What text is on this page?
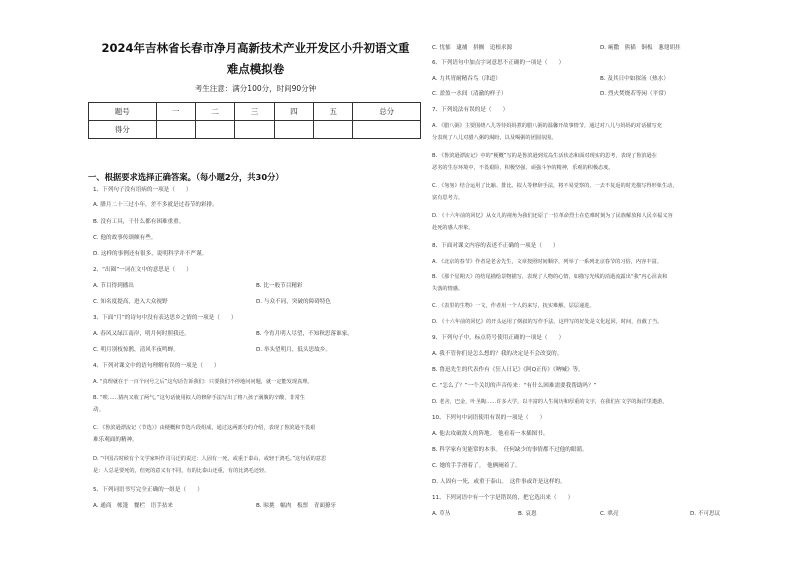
2024年吉林省长春市净月高新技术产业开发区小升初语文重
难点模拟卷
考生注意：满分100分，时间90分钟
题号	一	二	三	四	五	总分
得分						
一、根据要求选择正确答案。（每小题2分，共30分）
1、下列句子没有语病的一项是（　　）
A. 腊月二十三过小年，差不多就是过春节的彩排。
B. 没有工具，干什么都有困难重重。
C. 他的故事传颂颇有些。
D. 这样的事例还有很多，说明科学并不严谨。
2、“出圈”一词在文中的意思是（　　）
A. 节目得到播出	B. 比一般节目精彩
C. 知名度提高，进入大众视野	D. 与众不同，突破的障碍特色
3、下面“月”的诗句中没有表达思乡之情的一项是（　　）
A. 春风又绿江南岸，明月何时照我还。	B. 今宵月明人尽望，不知秋思落谁家。
C. 明月别枝惊鹊，清风半夜鸣蝉。	D. 举头望明月，低头思故乡。
4、下列对课文中的语句理解有误的一项是（　　）
A. “真理就在于一百个问号之后”这句话告诉我们：只要我们不停地问问题，就一定能发现真理。
B. “唉……猜内又收了两气。”这句话使用拟人的修辞手法写出了格八孩子满腹的辛酸，非常生
动。
C. 《鲁滨逊漂流记（节选）》由梗概和节选片段组成，通过这两部分的介绍，表现了鲁滨逊不畏艰
难乐观面的精神。
D. “中国古时候有个文学家叫作司马迁的说过：人固有一死，或重于泰山，或轻于鸿毛。”这句话的意思
是：人总是要死的，但死的意义有不同，有的比泰山还重，有的比鸿毛还轻。
5、下列词语书写完全正确的一组是（　　）
A. 通商　帐篷　餐栏　语手拈来	B. 晾挑　幅肉　板票　青面獠牙
C. 忧郁　逮捕　拼搁　追根求源	D. 痢撒　熊猫　铜板　葱翅胡挂
6、下列语句中加点字词意思不正确的一项是（　　）
A. 力其胃耐精吞鸟（津道）	B. 及其日中如探汤（热水）
C. 盈盈一水间（清澈的样子）	D. 烈火焚烧若等闲（平常）
7、下列说法有误的是（　　）
A. 《腊八粥》主要围绕八儿等待妈妈煮的腊八粥的温馨开故事情节，通过对八儿与妈妈的对话描写充
分表现了八儿对腊八粥的渴盼，以及喝粥的团圆氛围。
B. 《鲁滨逊漂流记》中的“梗概”写的是鲁滨逊到荒岛生活状态和面对现实的思考，表现了鲁滨逊在
恶劣的生存环境中，不畏艰险、积极坚强、顽强斗争的精神，乐观的积极态度。
C. 《匆匆》结合运用了比喻、排比、拟人等修辞手法，将不易觉察的、一去不复返的时光描写得形象生动，
富有思考力。
D. 《十六年前的回忆》从女儿的视角为我们还原了一位革命烈士在危难时刻为了民族解放和人民幸福义容
赴死的感人形象。
8、下面对课文内容的表述不正确的一项是（　　）
A. 《北京的春节》作者是老舍先生，文章按照时间顺序，列举了一系列北京春节的习俗，内容丰富。
B. 《那个星期天》的结尾描绘景物描写，表现了人物的心情，如描写光线的消逝流露出“我”内心沮丧和
失落的情感。
C. 《表里的生物》一文，作者用一个人的来写，抚实难解，层层递进。
D. 《十六年前的回忆》的开头运用了倒叙的写作手法，这样写的好处是文化起回，时间，直截了当。
9、下列句子中，标点符号使用正确的一项是（　　）
A. 我不管你们是怎么想的？我的决定是不会改变的。
B. 鲁迅先生的代表作有《狂人日记》《阿Q正传》《呐喊》等。
C. “怎么了？”一个关切的声音传来：“有什么困难需要我帮助吗？”
D. 老舍，巴金，叶圣陶……许多大学，以丰富的人生阅历和厚重的文字，在我们在文学的海洋里遨游。
10、下列句中词语使用有误的一项是（　　）
A. 他去攻破敌人的阵地。　他看着一本插图书。
B. 科学家有见能常的本事。　任何缺少的事情都不过他的眼睛。
C. 她的手手滑着了。　他俩阑着了。
D. 人固有一死，或重于泰山。　这件事或许是这样的。
11、下列词语中有一个字是错误的，把它选出来（　　）
A. 草丛	B. 哀恩	C. 哄亮	D. 不可思议
